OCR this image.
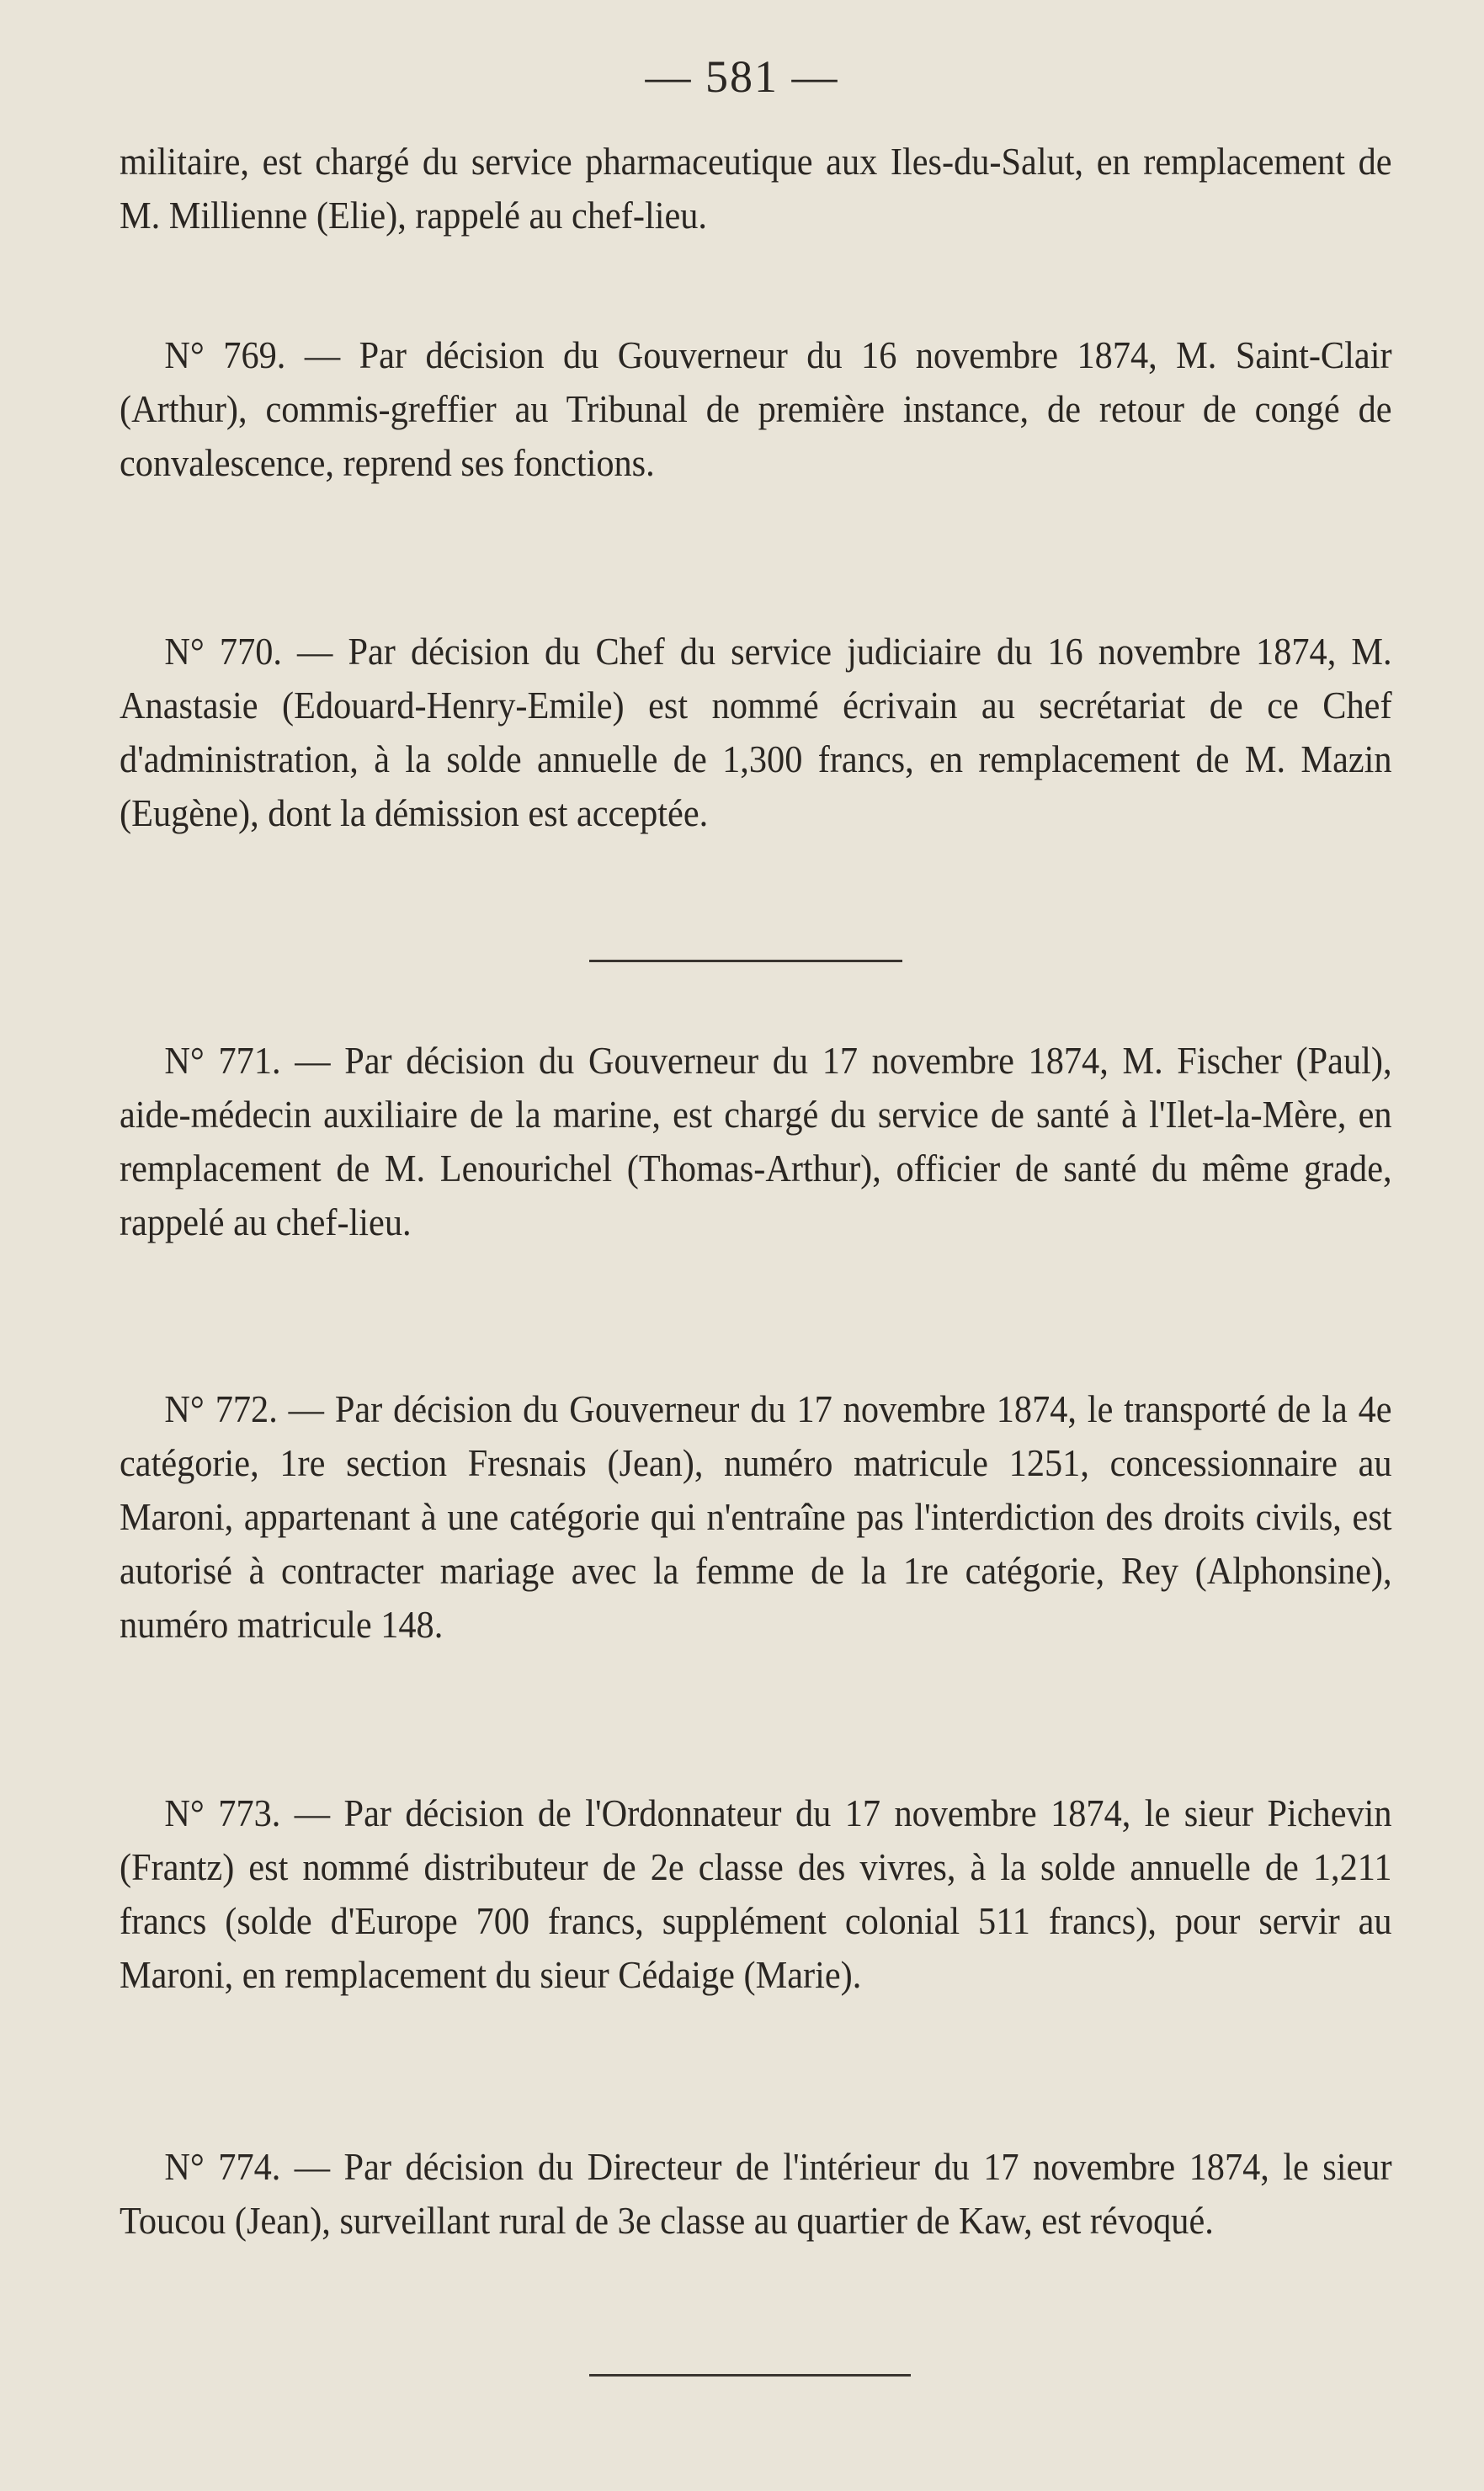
— 581 —

militaire, est chargé du service pharmaceutique aux Iles-du-Salut, en remplacement de M. Millienne (Elie), rappelé au chef-lieu.

N° 769. — Par décision du Gouverneur du 16 novembre 1874, M. Saint-Clair (Arthur), commis-greffier au Tribunal de première instance, de retour de congé de convalescence, reprend ses fonctions.

N° 770. — Par décision du Chef du service judiciaire du 16 novembre 1874, M. Anastasie (Edouard-Henry-Emile) est nommé écrivain au secrétariat de ce Chef d'administration, à la solde annuelle de 1,300 francs, en remplacement de M. Mazin (Eugène), dont la démission est acceptée.

N° 771. — Par décision du Gouverneur du 17 novembre 1874, M. Fischer (Paul), aide-médecin auxiliaire de la marine, est chargé du service de santé à l'Ilet-la-Mère, en remplacement de M. Lenourichel (Thomas-Arthur), officier de santé du même grade, rappelé au chef-lieu.

N° 772. — Par décision du Gouverneur du 17 novembre 1874, le transporté de la 4e catégorie, 1re section Fresnais (Jean), numéro matricule 1251, concessionnaire au Maroni, appartenant à une catégorie qui n'entraîne pas l'interdiction des droits civils, est autorisé à contracter mariage avec la femme de la 1re catégorie, Rey (Alphonsine), numéro matricule 148.

N° 773. — Par décision de l'Ordonnateur du 17 novembre 1874, le sieur Pichevin (Frantz) est nommé distributeur de 2e classe des vivres, à la solde annuelle de 1,211 francs (solde d'Europe 700 francs, supplément colonial 511 francs), pour servir au Maroni, en remplacement du sieur Cédaige (Marie).

N° 774. — Par décision du Directeur de l'intérieur du 17 novembre 1874, le sieur Toucou (Jean), surveillant rural de 3e classe au quartier de Kaw, est révoqué.
